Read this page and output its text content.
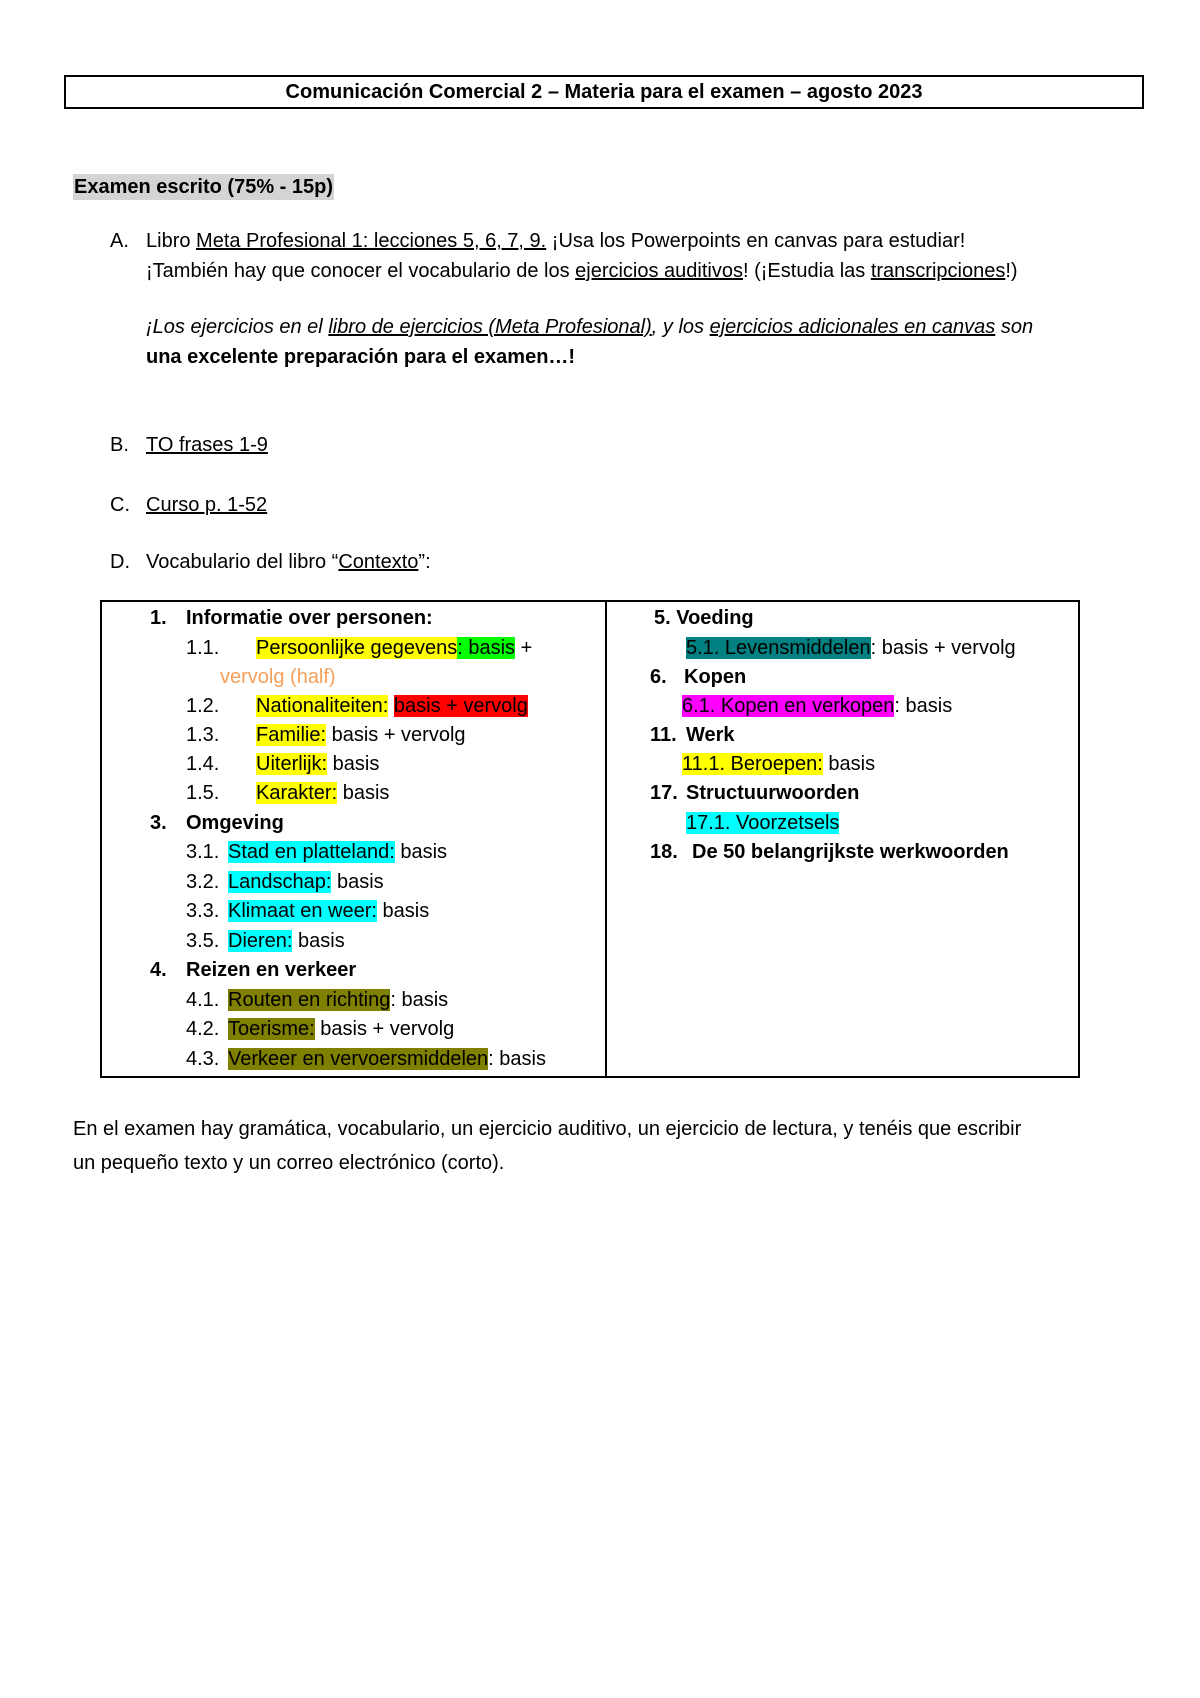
Comunicación Comercial 2 – Materia para el examen – agosto 2023
Examen escrito (75% - 15p)
A. Libro Meta Profesional 1: lecciones 5, 6, 7, 9. ¡Usa los Powerpoints en canvas para estudiar!
¡También hay que conocer el vocabulario de los ejercicios auditivos! (¡Estudia las transcripciones!)
¡Los ejercicios en el libro de ejercicios (Meta Profesional), y los ejercicios adicionales en canvas son
una excelente preparación para el examen…!
B. TO frases 1-9
C. Curso p. 1-52
D. Vocabulario del libro “Contexto”:
1. Informatie over personen:
1.1. Persoonlijke gegevens: basis +
vervolg (half)
1.2. Nationaliteiten: basis + vervolg
1.3. Familie: basis + vervolg
1.4. Uiterlijk: basis
1.5. Karakter: basis
3. Omgeving
3.1. Stad en platteland: basis
3.2. Landschap: basis
3.3. Klimaat en weer: basis
3.5. Dieren: basis
4. Reizen en verkeer
4.1. Routen en richting: basis
4.2. Toerisme: basis + vervolg
4.3. Verkeer en vervoersmiddelen: basis
5. Voeding
5.1. Levensmiddelen: basis + vervolg
6. Kopen
6.1. Kopen en verkopen: basis
11. Werk
11.1. Beroepen: basis
17. Structuurwoorden
17.1. Voorzetsels
18. De 50 belangrijkste werkwoorden
En el examen hay gramática, vocabulario, un ejercicio auditivo, un ejercicio de lectura, y tenéis que escribir
un pequeño texto y un correo electrónico (corto).
